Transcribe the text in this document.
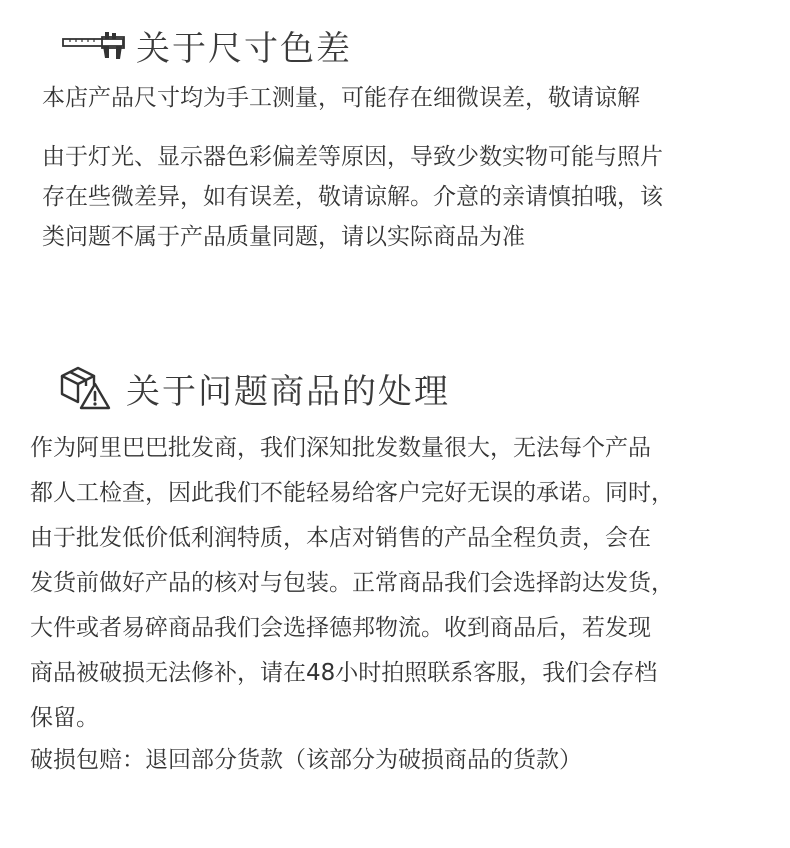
关于尺寸色差

本店产品尺寸均为手工测量，可能存在细微误差，敬请谅解

由于灯光、显示器色彩偏差等原因，导致少数实物可能与照片
存在些微差异，如有误差，敬请谅解。介意的亲请慎拍哦，该
类问题不属于产品质量同题，请以实际商品为准

关于问题商品的处理

作为阿里巴巴批发商，我们深知批发数量很大，无法每个产品
都人工检查，因此我们不能轻易给客户完好无误的承诺。同时，
由于批发低价低利润特质，本店对销售的产品全程负责，会在
发货前做好产品的核对与包装。正常商品我们会选择韵达发货，
大件或者易碎商品我们会选择德邦物流。收到商品后，若发现
商品被破损无法修补，请在48小时拍照联系客服，我们会存档
保留。

破损包赔：退回部分货款（该部分为破损商品的货款）
